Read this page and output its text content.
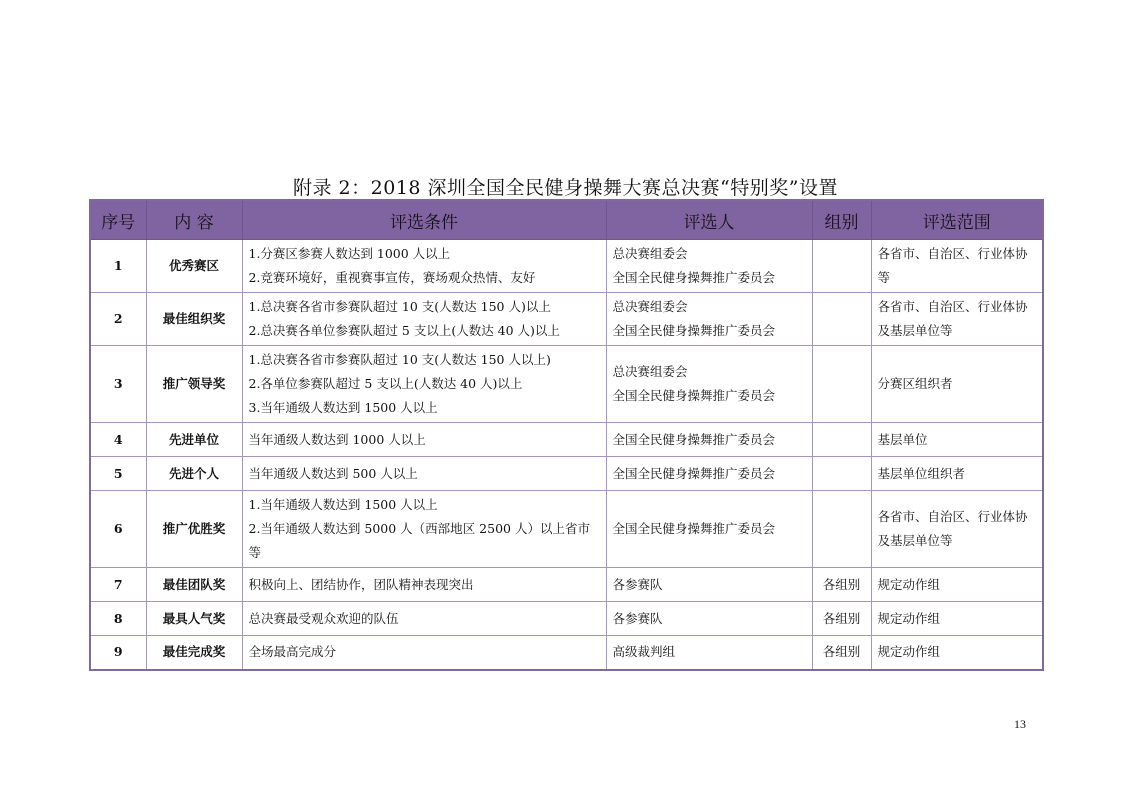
附录 2：2018 深圳全国全民健身操舞大赛总决赛“特别奖”设置
序号	内 容	评选条件	评选人	组别	评选范围
1	优秀赛区	1.分赛区参赛人数达到 1000 人以上
2.竞赛环境好，重视赛事宣传，赛场观众热情、友好	总决赛组委会
全国全民健身操舞推广委员会		各省市、自治区、行业体协等
2	最佳组织奖	1.总决赛各省市参赛队超过 10 支(人数达 150 人)以上
2.总决赛各单位参赛队超过 5 支以上(人数达 40 人)以上	总决赛组委会
全国全民健身操舞推广委员会		各省市、自治区、行业体协及基层单位等
3	推广领导奖	1.总决赛各省市参赛队超过 10 支(人数达 150 人以上)
2.各单位参赛队超过 5 支以上(人数达 40 人)以上
3.当年通级人数达到 1500 人以上	总决赛组委会
全国全民健身操舞推广委员会		分赛区组织者
4	先进单位	当年通级人数达到 1000 人以上	全国全民健身操舞推广委员会		基层单位
5	先进个人	当年通级人数达到 500 人以上	全国全民健身操舞推广委员会		基层单位组织者
6	推广优胜奖	1.当年通级人数达到 1500 人以上
2.当年通级人数达到 5000 人（西部地区 2500 人）以上省市等	全国全民健身操舞推广委员会		各省市、自治区、行业体协及基层单位等
7	最佳团队奖	积极向上、团结协作，团队精神表现突出	各参赛队	各组别	规定动作组
8	最具人气奖	总决赛最受观众欢迎的队伍	各参赛队	各组别	规定动作组
9	最佳完成奖	全场最高完成分	高级裁判组	各组别	规定动作组
13
